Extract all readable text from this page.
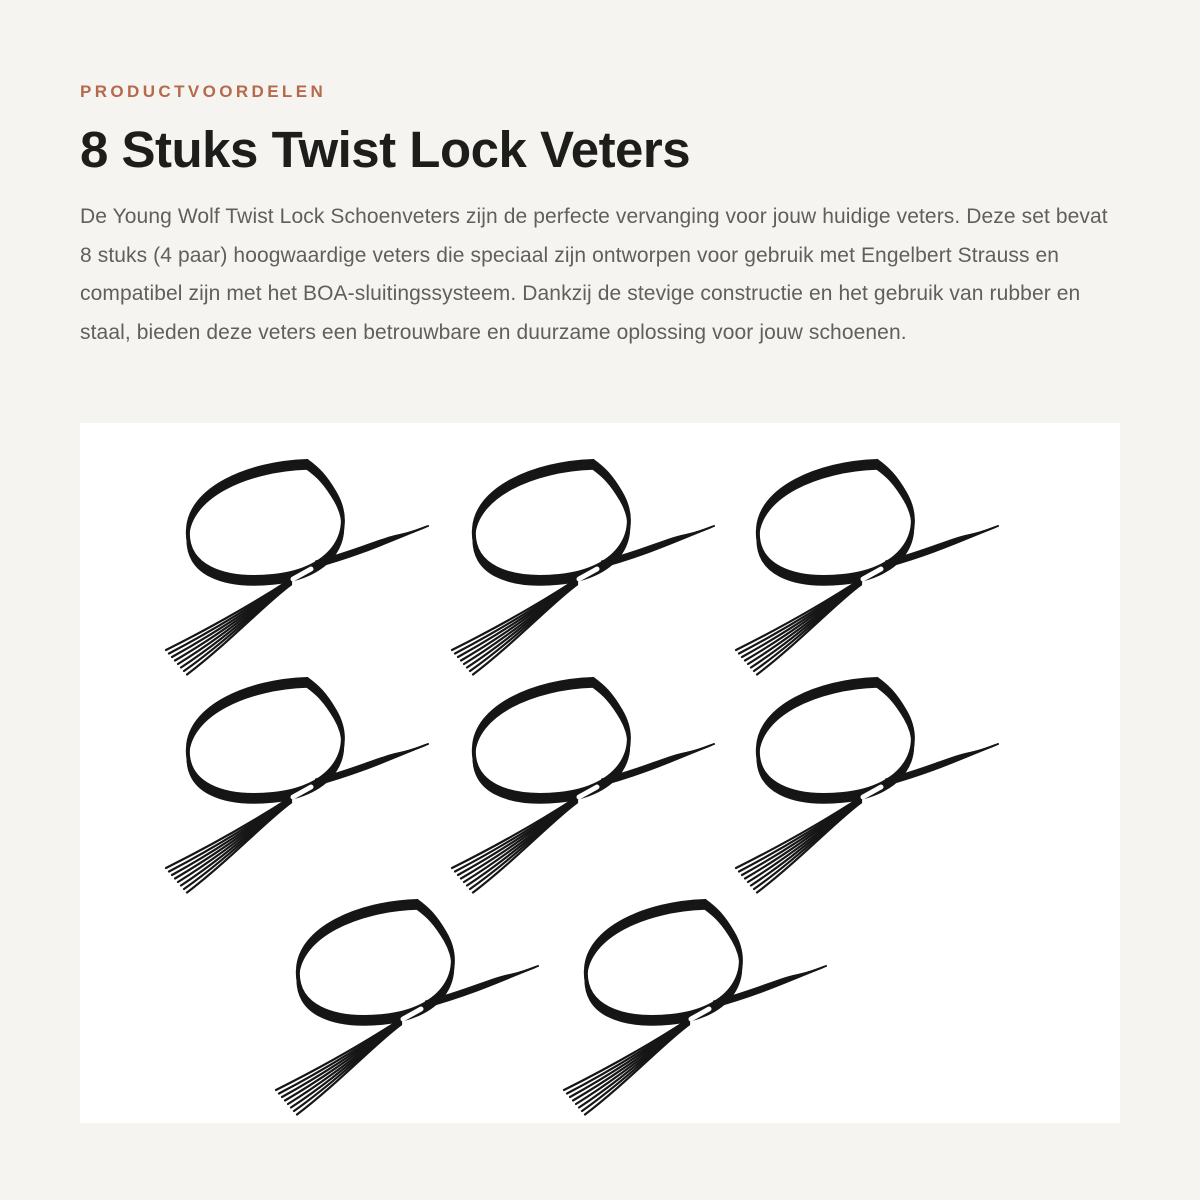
PRODUCTVOORDELEN
8 Stuks Twist Lock Veters

De Young Wolf Twist Lock Schoenveters zijn de perfecte vervanging voor jouw huidige veters. Deze set bevat 8 stuks (4 paar) hoogwaardige veters die speciaal zijn ontworpen voor gebruik met Engelbert Strauss en compatibel zijn met het BOA-sluitingssysteem. Dankzij de stevige constructie en het gebruik van rubber en staal, bieden deze veters een betrouwbare en duurzame oplossing voor jouw schoenen.
